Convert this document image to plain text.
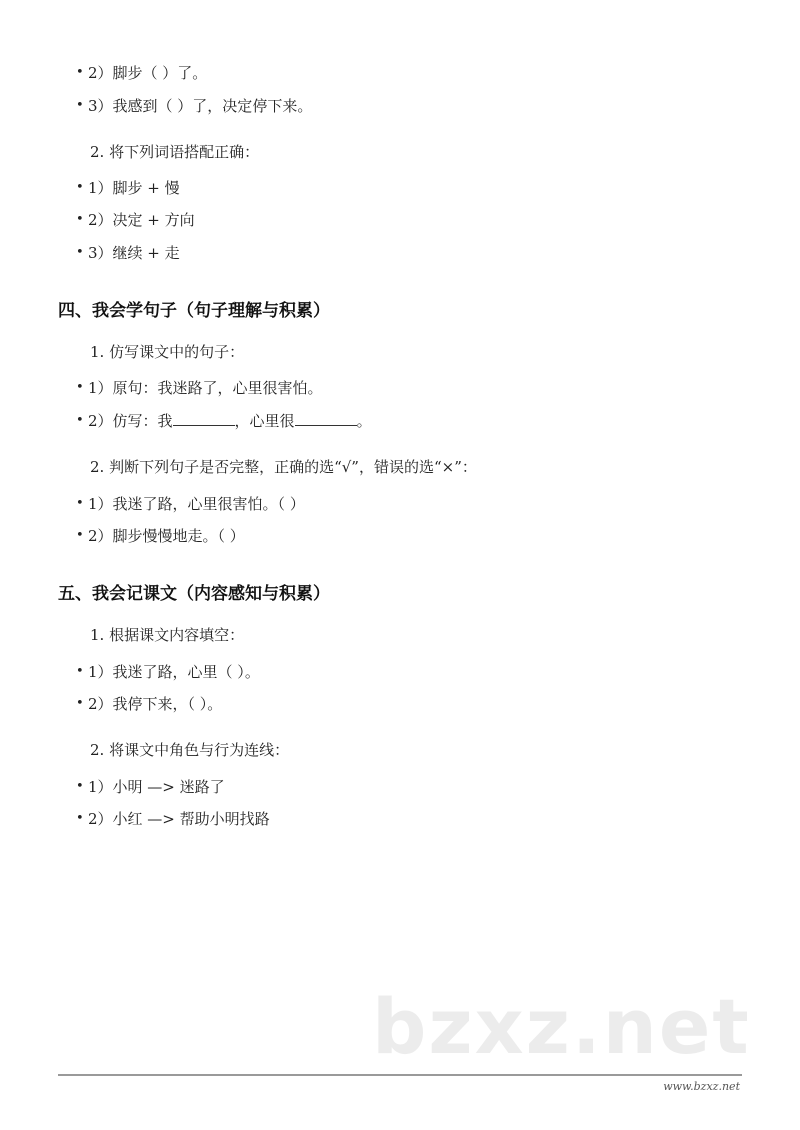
• 2）脚步（ ）了。
• 3）我感到（ ）了，决定停下来。
2. 将下列词语搭配正确：
• 1）脚步 + 慢
• 2）决定 + 方向
• 3）继续 + 走
四、我会学句子（句子理解与积累）
1. 仿写课文中的句子：
• 1）原句：我迷路了，心里很害怕。
• 2）仿写：我	，心里很	。
2. 判断下列句子是否完整，正确的选“√”，错误的选“×”：
• 1）我迷了路，心里很害怕。（ ）
• 2）脚步慢慢地走。（ ）
五、我会记课文（内容感知与积累）
1. 根据课文内容填空：
• 1）我迷了路，心里（ ）。
• 2）我停下来，（ ）。
2. 将课文中角色与行为连线：
• 1）小明 —> 迷路了
• 2）小红 —> 帮助小明找路
bzxz.net
www.bzxz.net
